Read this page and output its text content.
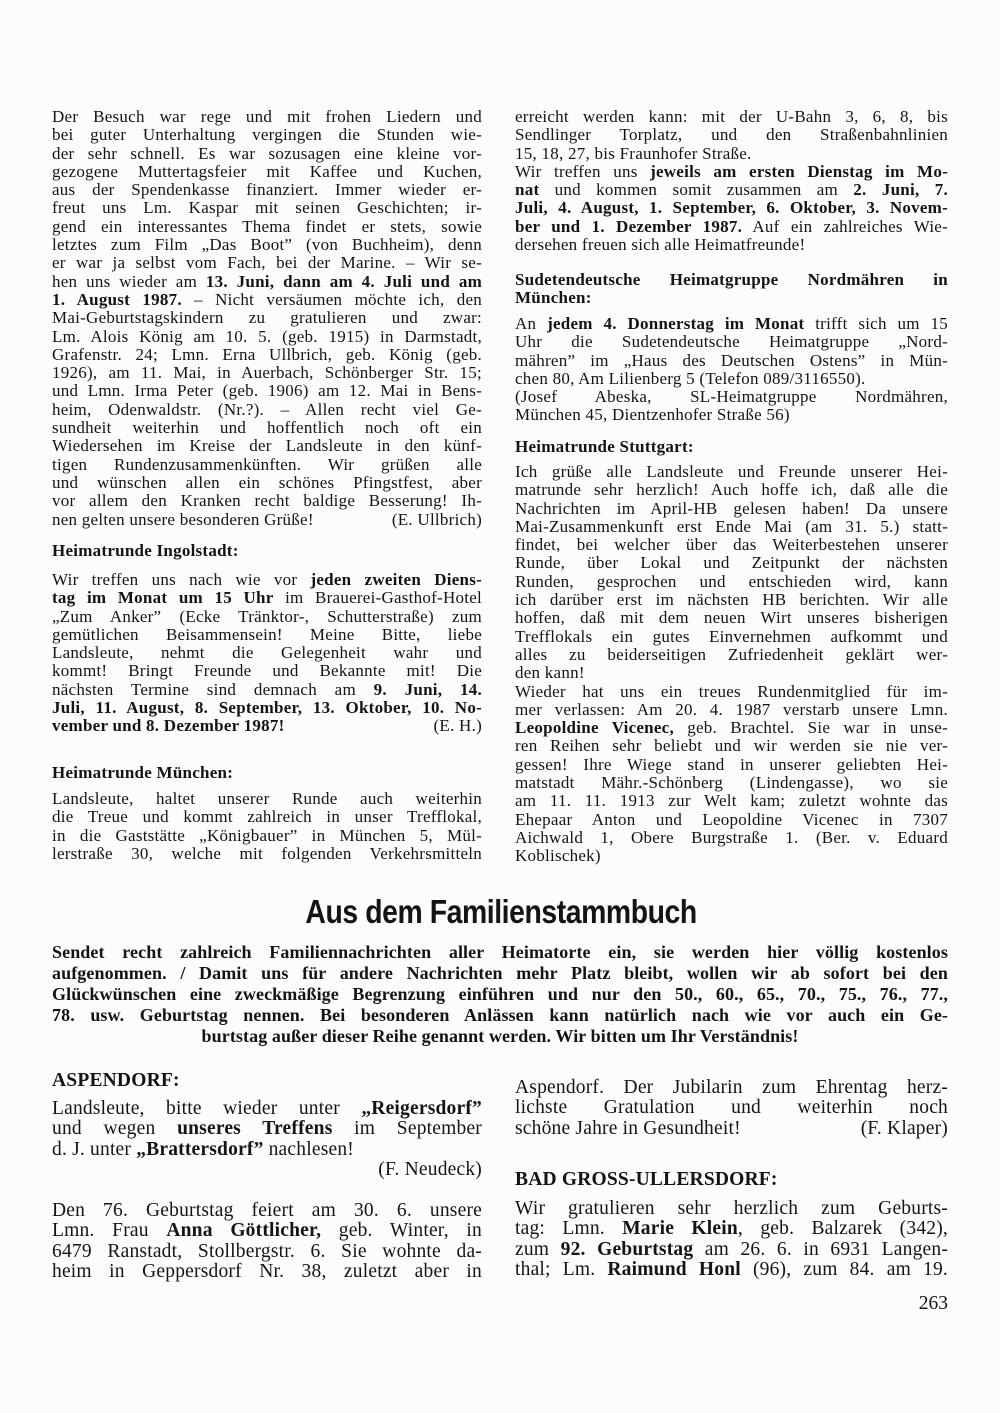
Der Besuch war rege und mit frohen Liedern und
bei guter Unterhaltung vergingen die Stunden wie-
der sehr schnell. Es war sozusagen eine kleine vor-
gezogene Muttertagsfeier mit Kaffee und Kuchen,
aus der Spendenkasse finanziert. Immer wieder er-
freut uns Lm. Kaspar mit seinen Geschichten; ir-
gend ein interessantes Thema findet er stets, sowie
letztes zum Film „Das Boot” (von Buchheim), denn
er war ja selbst vom Fach, bei der Marine. – Wir se-
hen uns wieder am 13. Juni, dann am 4. Juli und am
1. August 1987. – Nicht versäumen möchte ich, den
Mai-Geburtstagskindern zu gratulieren und zwar:
Lm. Alois König am 10. 5. (geb. 1915) in Darmstadt,
Grafenstr. 24; Lmn. Erna Ullbrich, geb. König (geb.
1926), am 11. Mai, in Auerbach, Schönberger Str. 15;
und Lmn. Irma Peter (geb. 1906) am 12. Mai in Bens-
heim, Odenwaldstr. (Nr.?). – Allen recht viel Ge-
sundheit weiterhin und hoffentlich noch oft ein
Wiedersehen im Kreise der Landsleute in den künf-
tigen Rundenzusammenkünften. Wir grüßen alle
und wünschen allen ein schönes Pfingstfest, aber
vor allem den Kranken recht baldige Besserung! Ih-
nen gelten unsere besonderen Grüße!	(E. Ullbrich)
Heimatrunde Ingolstadt:
Wir treffen uns nach wie vor jeden zweiten Diens-
tag im Monat um 15 Uhr im Brauerei-Gasthof-Hotel
„Zum Anker” (Ecke Tränktor-, Schutterstraße) zum
gemütlichen Beisammensein! Meine Bitte, liebe
Landsleute, nehmt die Gelegenheit wahr und
kommt! Bringt Freunde und Bekannte mit! Die
nächsten Termine sind demnach am 9. Juni, 14.
Juli, 11. August, 8. September, 13. Oktober, 10. No-
vember und 8. Dezember 1987!	(E. H.)
Heimatrunde München:
Landsleute, haltet unserer Runde auch weiterhin
die Treue und kommt zahlreich in unser Trefflokal,
in die Gaststätte „Königbauer” in München 5, Mül-
lerstraße 30, welche mit folgenden Verkehrsmitteln
erreicht werden kann: mit der U-Bahn 3, 6, 8, bis
Sendlinger Torplatz, und den Straßenbahnlinien
15, 18, 27, bis Fraunhofer Straße.
Wir treffen uns jeweils am ersten Dienstag im Mo-
nat und kommen somit zusammen am 2. Juni, 7.
Juli, 4. August, 1. September, 6. Oktober, 3. Novem-
ber und 1. Dezember 1987. Auf ein zahlreiches Wie-
dersehen freuen sich alle Heimatfreunde!
Sudetendeutsche Heimatgruppe Nordmähren in
München:
An jedem 4. Donnerstag im Monat trifft sich um 15
Uhr die Sudetendeutsche Heimatgruppe „Nord-
mähren” im „Haus des Deutschen Ostens” in Mün-
chen 80, Am Lilienberg 5 (Telefon 089/3116550).
(Josef Abeska, SL-Heimatgruppe Nordmähren,
München 45, Dientzenhofer Straße 56)
Heimatrunde Stuttgart:
Ich grüße alle Landsleute und Freunde unserer Hei-
matrunde sehr herzlich! Auch hoffe ich, daß alle die
Nachrichten im April-HB gelesen haben! Da unsere
Mai-Zusammenkunft erst Ende Mai (am 31. 5.) statt-
findet, bei welcher über das Weiterbestehen unserer
Runde, über Lokal und Zeitpunkt der nächsten
Runden, gesprochen und entschieden wird, kann
ich darüber erst im nächsten HB berichten. Wir alle
hoffen, daß mit dem neuen Wirt unseres bisherigen
Trefflokals ein gutes Einvernehmen aufkommt und
alles zu beiderseitigen Zufriedenheit geklärt wer-
den kann!
Wieder hat uns ein treues Rundenmitglied für im-
mer verlassen: Am 20. 4. 1987 verstarb unsere Lmn.
Leopoldine Vicenec, geb. Brachtel. Sie war in unse-
ren Reihen sehr beliebt und wir werden sie nie ver-
gessen! Ihre Wiege stand in unserer geliebten Hei-
matstadt Mähr.-Schönberg (Lindengasse), wo sie
am 11. 11. 1913 zur Welt kam; zuletzt wohnte das
Ehepaar Anton und Leopoldine Vicenec in 7307
Aichwald 1, Obere Burgstraße 1. (Ber. v. Eduard
Koblischek)
Aus dem Familienstammbuch
Sendet recht zahlreich Familiennachrichten aller Heimatorte ein, sie werden hier völlig kostenlos
aufgenommen. / Damit uns für andere Nachrichten mehr Platz bleibt, wollen wir ab sofort bei den
Glückwünschen eine zweckmäßige Begrenzung einführen und nur den 50., 60., 65., 70., 75., 76., 77.,
78. usw. Geburtstag nennen. Bei besonderen Anlässen kann natürlich nach wie vor auch ein Ge-
burtstag außer dieser Reihe genannt werden. Wir bitten um Ihr Verständnis!
ASPENDORF:
Landsleute, bitte wieder unter „Reigersdorf”
und wegen unseres Treffens im September
d. J. unter „Brattersdorf” nachlesen!
(F. Neudeck)
Den 76. Geburtstag feiert am 30. 6. unsere
Lmn. Frau Anna Göttlicher, geb. Winter, in
6479 Ranstadt, Stollbergstr. 6. Sie wohnte da-
heim in Geppersdorf Nr. 38, zuletzt aber in
Aspendorf. Der Jubilarin zum Ehrentag herz-
lichste Gratulation und weiterhin noch
schöne Jahre in Gesundheit!	(F. Klaper)
BAD GROSS-ULLERSDORF:
Wir gratulieren sehr herzlich zum Geburts-
tag: Lmn. Marie Klein, geb. Balzarek (342),
zum 92. Geburtstag am 26. 6. in 6931 Langen-
thal; Lm. Raimund Honl (96), zum 84. am 19.
263
